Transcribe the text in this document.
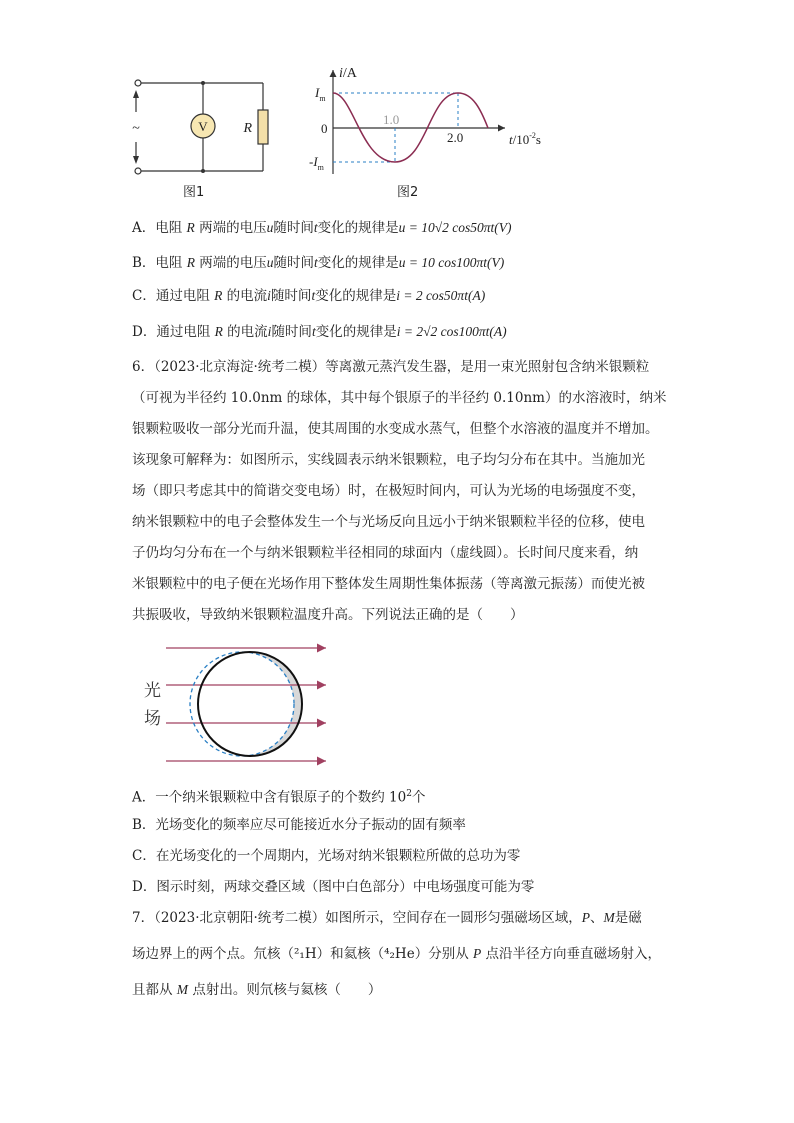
V	R
~
图1
i/A
$I_m$
0
$-I_m$
1.0
2.0	$t/10^{-2}s$
图2
A．电阻 R 两端的电压u随时间t变化的规律是u = 10√2 cos50πt(V)
B．电阻 R 两端的电压u随时间t变化的规律是u = 10 cos100πt(V)
C．通过电阻 R 的电流i随时间t变化的规律是i = 2 cos50πt(A)
D．通过电阻 R 的电流i随时间t变化的规律是i = 2√2 cos100πt(A)

6．（2023·北京海淀·统考二模）等离激元蒸汽发生器，是用一束光照射包含纳米银颗粒

（可视为半径约 10.0nm 的球体，其中每个银原子的半径约 0.10nm）的水溶液时，纳米

银颗粒吸收一部分光而升温，使其周围的水变成水蒸气，但整个水溶液的温度并不增加。

该现象可解释为：如图所示，实线圆表示纳米银颗粒，电子均匀分布在其中。当施加光

场（即只考虑其中的简谐交变电场）时，在极短时间内，可认为光场的电场强度不变，

纳米银颗粒中的电子会整体发生一个与光场反向且远小于纳米银颗粒半径的位移，使电

子仍均匀分布在一个与纳米银颗粒半径相同的球面内（虚线圆）。长时间尺度来看，纳

米银颗粒中的电子便在光场作用下整体发生周期性集体振荡（等离激元振荡）而使光被

共振吸收，导致纳米银颗粒温度升高。下列说法正确的是（　　）

光
场
A．一个纳米银颗粒中含有银原子的个数约 $10^2$个
B．光场变化的频率应尽可能接近水分子振动的固有频率
C．在光场变化的一个周期内，光场对纳米银颗粒所做的总功为零
D．图示时刻，两球交叠区域（图中白色部分）中电场强度可能为零
7．（2023·北京朝阳·统考二模）如图所示，空间存在一圆形匀强磁场区域，P、M是磁
场边界上的两个点。氘核（²₁H）和氦核（⁴₂He）分别从 P 点沿半径方向垂直磁场射入，
且都从 M 点射出。则氘核与氦核（　　）
